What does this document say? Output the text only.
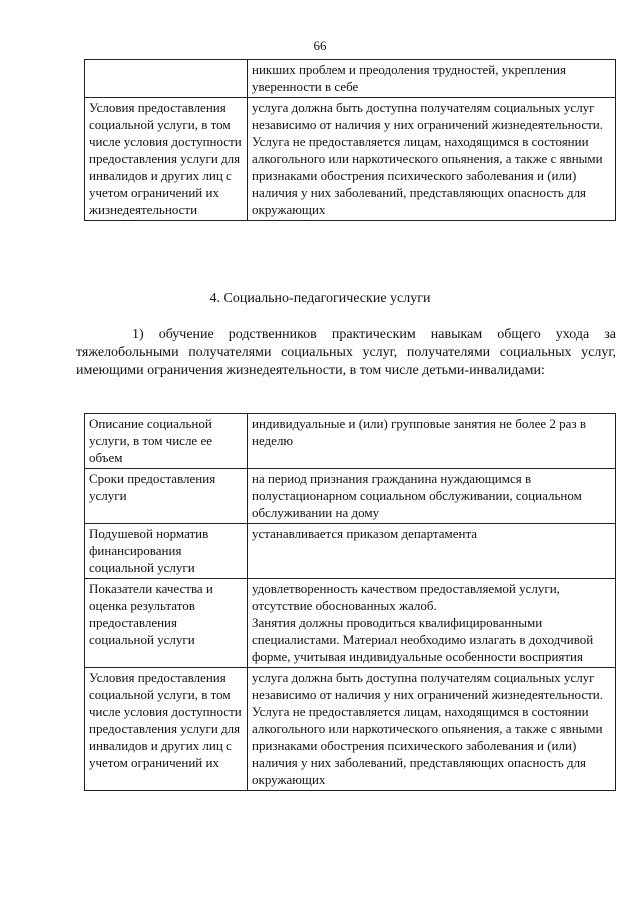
66

	никших проблем и преодоления трудностей, укрепления уверенности в себе

Условия предоставления социальной услуги, в том числе условия доступности предоставления услуги для инвалидов и других лиц с учетом ограничений их жизнедеятельности	услуга должна быть доступна получателям социальных услуг независимо от наличия у них ограничений жизнедеятельности.

Услуга не предоставляется лицам, находящимся в состоянии алкогольного или наркотического опьянения, а также с явными признаками обострения психического заболевания и (или) наличия у них заболеваний, представляющих опасность для окружающих

4. Социально-педагогические услуги

1) обучение родственников практическим навыкам общего ухода за тяжелобольными получателями социальных услуг, получателями социальных услуг, имеющими ограничения жизнедеятельности, в том числе детьми-инвалидами:

Описание социальной услуги, в том числе ее объем	индивидуальные и (или) групповые занятия не более 2 раз в неделю

Сроки предоставления услуги	на период признания гражданина нуждающимся в полустационарном социальном обслуживании, социальном обслуживании на дому

Подушевой норматив финансирования социальной услуги	устанавливается приказом департамента

Показатели качества и оценка результатов предоставления социальной услуги	удовлетворенность качеством предоставляемой услуги, отсутствие обоснованных жалоб.

Занятия должны проводиться квалифицированными специалистами. Материал необходимо излагать в доходчивой форме, учитывая индивидуальные особенности восприятия

Условия предоставления социальной услуги, в том числе условия доступности предоставления услуги для инвалидов и других лиц с учетом ограничений их	услуга должна быть доступна получателям социальных услуг независимо от наличия у них ограничений жизнедеятельности.

Услуга не предоставляется лицам, находящимся в состоянии алкогольного или наркотического опьянения, а также с явными признаками обострения психического заболевания и (или) наличия у них заболеваний, представляющих опасность для окружающих
